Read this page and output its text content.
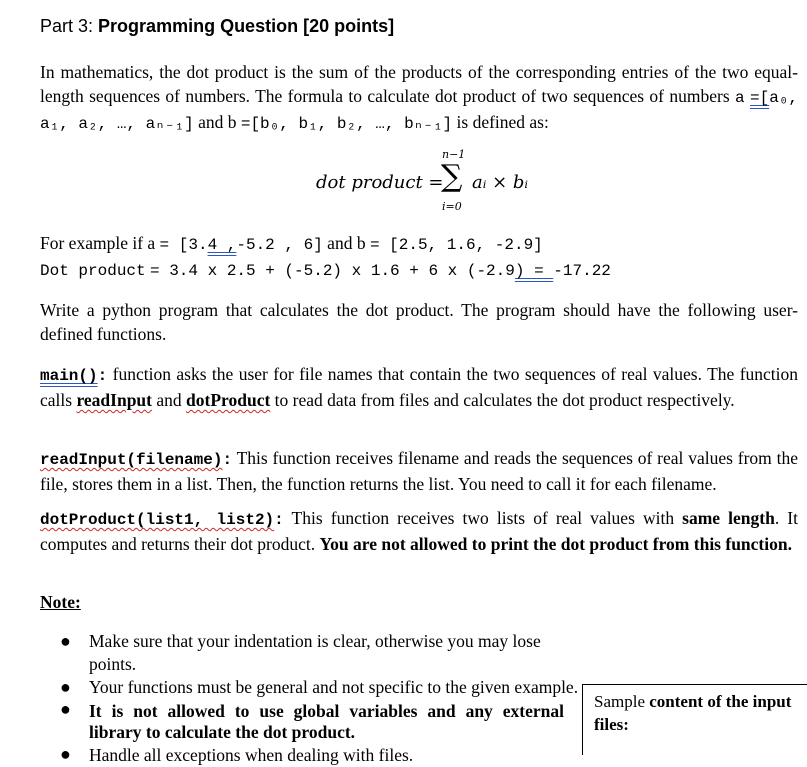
Part 3: Programming Question [20 points]
In mathematics, the dot product is the sum of the products of the corresponding entries of the two equal-length sequences of numbers. The formula to calculate dot product of two sequences of numbers a =[a₀, a₁, a₂, …, aₙ₋₁] and b =[b₀, b₁, b₂, …, bₙ₋₁] is defined as:
dot product =
n−1
∑
i=0
aᵢ × bᵢ
For example if a = [3.4 ,-5.2 , 6] and b = [2.5, 1.6, -2.9]
Dot product = 3.4 x 2.5 + (-5.2) x 1.6 + 6 x (-2.9) = -17.22
Write a python program that calculates the dot product. The program should have the following user-defined functions.
main(): function asks the user for file names that contain the two sequences of real values. The function calls readInput and dotProduct to read data from files and calculates the dot product respectively.
readInput(filename): This function receives filename and reads the sequences of real values from the file, stores them in a list. Then, the function returns the list. You need to call it for each filename.
dotProduct(list1, list2): This function receives two lists of real values with same length. It computes and returns their dot product. You are not allowed to print the dot product from this function.
Note:
● Make sure that your indentation is clear, otherwise you may lose points.
● Your functions must be general and not specific to the given example.
● It is not allowed to use global variables and any external library to calculate the dot product.
● Handle all exceptions when dealing with files.
Sample content of the input files:
